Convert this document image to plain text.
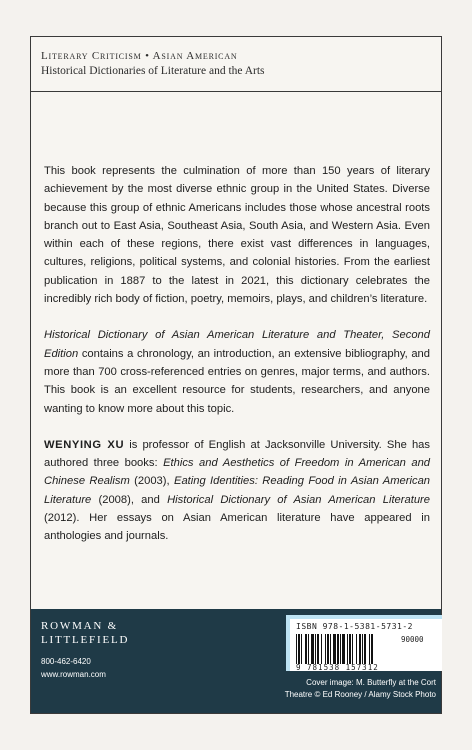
Literary Criticism • Asian American
Historical Dictionaries of Literature and the Arts

This book represents the culmination of more than 150 years of literary achievement by the most diverse ethnic group in the United States. Diverse because this group of ethnic Americans includes those whose ancestral roots branch out to East Asia, Southeast Asia, South Asia, and Western Asia. Even within each of these regions, there exist vast differences in languages, cultures, religions, political systems, and colonial histories. From the earliest publication in 1887 to the latest in 2021, this dictionary celebrates the incredibly rich body of fiction, poetry, memoirs, plays, and children’s literature.

Historical Dictionary of Asian American Literature and Theater, Second Edition contains a chronology, an introduction, an extensive bibliography, and more than 700 cross-referenced entries on genres, major terms, and authors. This book is an excellent resource for students, researchers, and anyone wanting to know more about this topic.

WENYING XU is professor of English at Jacksonville University. She has authored three books: Ethics and Aesthetics of Freedom in American and Chinese Realism (2003), Eating Identities: Reading Food in Asian American Literature (2008), and Historical Dictionary of Asian American Literature (2012). Her essays on Asian American literature have appeared in anthologies and journals.

ROWMAN &
LITTLEFIELD
800-462-6420
www.rowman.com
ISBN 978-1-5381-5731-2
90000
9 781538 157312
Cover image: M. Butterfly at the Cort
Theatre © Ed Rooney / Alamy Stock Photo
